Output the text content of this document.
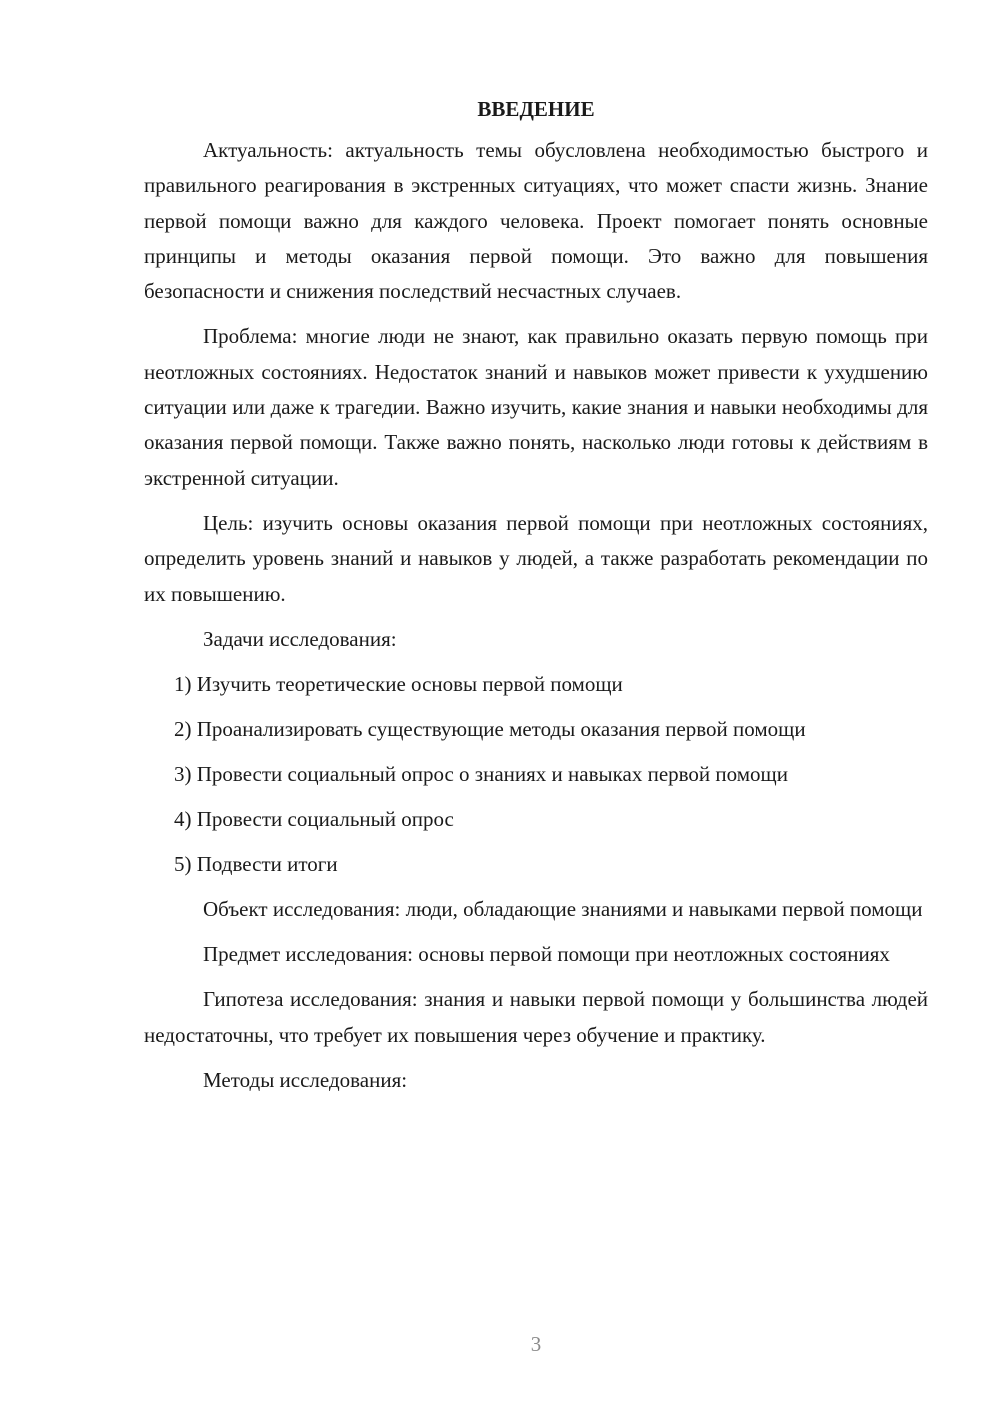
ВВЕДЕНИЕ

Актуальность: актуальность темы обусловлена необходимостью быстрого и правильного реагирования в экстренных ситуациях, что может спасти жизнь. Знание первой помощи важно для каждого человека. Проект помогает понять основные принципы и методы оказания первой помощи. Это важно для повышения безопасности и снижения последствий несчастных случаев.

Проблема: многие люди не знают, как правильно оказать первую помощь при неотложных состояниях. Недостаток знаний и навыков может привести к ухудшению ситуации или даже к трагедии. Важно изучить, какие знания и навыки необходимы для оказания первой помощи. Также важно понять, насколько люди готовы к действиям в экстренной ситуации.

Цель: изучить основы оказания первой помощи при неотложных состояниях, определить уровень знаний и навыков у людей, а также разработать рекомендации по их повышению.

Задачи исследования:

1) Изучить теоретические основы первой помощи

2) Проанализировать существующие методы оказания первой помощи

3) Провести социальный опрос о знаниях и навыках первой помощи

4) Провести социальный опрос

5) Подвести итоги

Объект исследования: люди, обладающие знаниями и навыками первой помощи

Предмет исследования: основы первой помощи при неотложных состояниях

Гипотеза исследования: знания и навыки первой помощи у большинства людей недостаточны, что требует их повышения через обучение и практику.

Методы исследования:

3
